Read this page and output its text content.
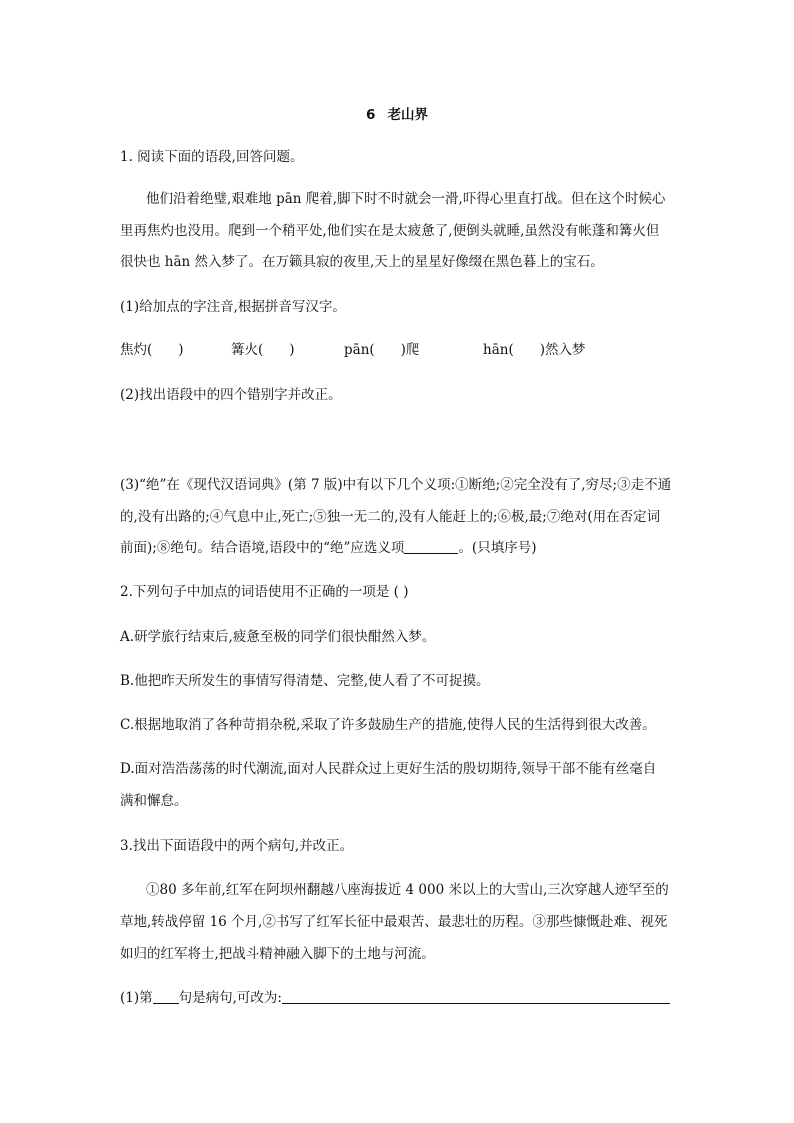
6 老山界
1. 阅读下面的语段,回答问题。
他们沿着绝璧,艰难地 pān 爬着,脚下时不时就会一滑,吓得心里直打战。但在这个时候心
里再焦灼也没用。爬到一个稍平处,他们实在是太疲惫了,便倒头就睡,虽然没有帐蓬和篝火但
很快也 hān 然入梦了。在万籁具寂的夜里,天上的星星好像缀在黑色暮上的宝石。
(1)给加点的字注音,根据拼音写汉字。
焦灼( )	篝火( )	pān( )爬	hān( )然入梦
(2)找出语段中的四个错别字并改正。
(3)“绝”在《现代汉语词典》(第 7 版)中有以下几个义项:①断绝;②完全没有了,穷尽;③走不通
的,没有出路的;④气息中止,死亡;⑤独一无二的,没有人能赶上的;⑥极,最;⑦绝对(用在否定词
前面);⑧绝句。结合语境,语段中的“绝”应选义项	。(只填序号)
2.下列句子中加点的词语使用不正确的一项是 ( )
A.研学旅行结束后,疲惫至极的同学们很快酣然入梦。
B.他把昨天所发生的事情写得清楚、完整,使人看了不可捉摸。
C.根据地取消了各种苛捐杂税,采取了许多鼓励生产的措施,使得人民的生活得到很大改善。
D.面对浩浩荡荡的时代潮流,面对人民群众过上更好生活的殷切期待,领导干部不能有丝毫自
满和懈怠。
3.找出下面语段中的两个病句,并改正。
①80 多年前,红军在阿坝州翻越八座海拔近 4 000 米以上的大雪山,三次穿越人迹罕至的
草地,转战停留 16 个月,②书写了红军长征中最艰苦、最悲壮的历程。③那些慷慨赴难、视死
如归的红军将士,把战斗精神融入脚下的土地与河流。
(1)第 句是病句,可改为:
